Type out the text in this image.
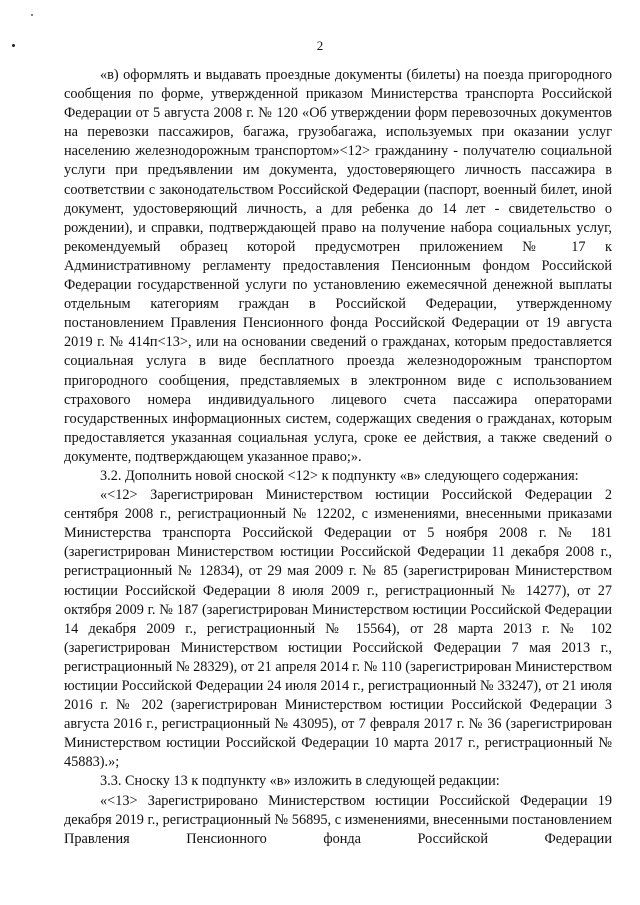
2

«в) оформлять и выдавать проездные документы (билеты) на поезда пригородного сообщения по форме, утвержденной приказом Министерства транспорта Российской Федерации от 5 августа 2008 г. № 120 «Об утверждении форм перевозочных документов на перевозки пассажиров, багажа, грузобагажа, используемых при оказании услуг населению железнодорожным транспортом»<12> гражданину - получателю социальной услуги при предъявлении им документа, удостоверяющего личность пассажира в соответствии с законодательством Российской Федерации (паспорт, военный билет, иной документ, удостоверяющий личность, а для ребенка до 14 лет - свидетельство о рождении), и справки, подтверждающей право на получение набора социальных услуг, рекомендуемый образец которой предусмотрен приложением № 17 к Административному регламенту предоставления Пенсионным фондом Российской Федерации государственной услуги по установлению ежемесячной денежной выплаты отдельным категориям граждан в Российской Федерации, утвержденному постановлением Правления Пенсионного фонда Российской Федерации от 19 августа 2019 г. № 414п<13>, или на основании сведений о гражданах, которым предоставляется социальная услуга в виде бесплатного проезда железнодорожным транспортом пригородного сообщения, представляемых в электронном виде с использованием страхового номера индивидуального лицевого счета пассажира операторами государственных информационных систем, содержащих сведения о гражданах, которым предоставляется указанная социальная услуга, сроке ее действия, а также сведений о документе, подтверждающем указанное право;».

3.2. Дополнить новой сноской <12> к подпункту «в» следующего содержания:

«<12> Зарегистрирован Министерством юстиции Российской Федерации 2 сентября 2008 г., регистрационный № 12202, с изменениями, внесенными приказами Министерства транспорта Российской Федерации от 5 ноября 2008 г. № 181 (зарегистрирован Министерством юстиции Российской Федерации 11 декабря 2008 г., регистрационный № 12834), от 29 мая 2009 г. № 85 (зарегистрирован Министерством юстиции Российской Федерации 8 июля 2009 г., регистрационный № 14277), от 27 октября 2009 г. № 187 (зарегистрирован Министерством юстиции Российской Федерации 14 декабря 2009 г., регистрационный № 15564), от 28 марта 2013 г. № 102 (зарегистрирован Министерством юстиции Российской Федерации 7 мая 2013 г., регистрационный № 28329), от 21 апреля 2014 г. № 110 (зарегистрирован Министерством юстиции Российской Федерации 24 июля 2014 г., регистрационный № 33247), от 21 июля 2016 г. № 202 (зарегистрирован Министерством юстиции Российской Федерации 3 августа 2016 г., регистрационный № 43095), от 7 февраля 2017 г. № 36 (зарегистрирован Министерством юстиции Российской Федерации 10 марта 2017 г., регистрационный № 45883).»;

3.3. Сноску 13 к подпункту «в» изложить в следующей редакции:

«<13> Зарегистрировано Министерством юстиции Российской Федерации 19 декабря 2019 г., регистрационный № 56895, с изменениями, внесенными постановлением Правления Пенсионного фонда Российской Федерации
